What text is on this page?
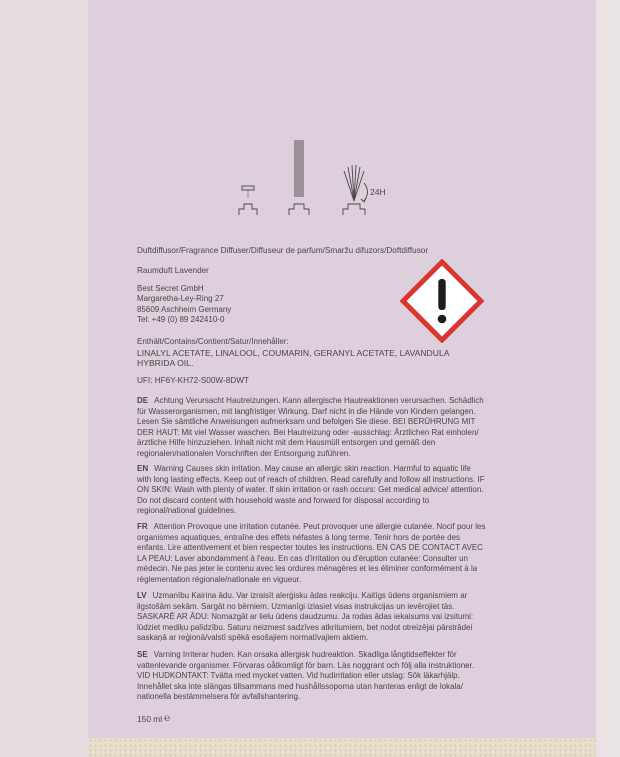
24H

Duftdiffusor/Fragrance Diffuser/Diffuseur de parfum/Smaržu difuzors/Doftdiffusor

Raumduft Lavender

Best Secret GmbH
Margaretha-Ley-Ring 27
85609 Aschheim Germany
Tel: +49 (0) 89 242410-0
Enthält/Contains/Contient/Satur/Innehåller:
LINALYL ACETATE, LINALOOL, COUMARIN, GERANYL ACETATE, LAVANDULA HYBRIDA OIL.

UFI: HF6Y-KH72-S00W-8DWT

DE Achtung Verursacht Hautreizungen. Kann allergische Hautreaktionen verursachen. Schädlich für Wasserorganismen, mit langfristiger Wirkung. Darf nicht in die Hände von Kindern gelangen. Lesen Sie sämtliche Anweisungen aufmerksam und befolgen Sie diese. BEI BERÜHRUNG MIT DER HAUT: Mit viel Wasser waschen. Bei Hautreizung oder -ausschlag: Ärztlichen Rat einholen/ärztliche Hilfe hinzuziehen. Inhalt nicht mit dem Hausmüll entsorgen und gemäß den regionalen/nationalen Vorschriften der Entsorgung zuführen.

EN Warning Causes skin irritation. May cause an allergic skin reaction. Harmful to aquatic life with long lasting effects. Keep out of reach of children. Read carefully and follow all instructions. IF ON SKIN: Wash with plenty of water. If skin irritation or rash occurs: Get medical advice/ attention. Do not discard content with household waste and forward for disposal according to regional/national guidelines.

FR Attention Provoque une irritation cutanée. Peut provoquer une allergie cutanée. Nocif pour les organismes aquatiques, entraîne des effets néfastes à long terme. Tenir hors de portée des enfants. Lire attentivement et bien respecter toutes les instructions. EN CAS DE CONTACT AVEC LA PEAU: Laver abondamment à l'eau. En cas d'irritation ou d'éruption cutanée: Consulter un médecin. Ne pas jeter le contenu avec les ordures ménagères et les éliminer conformément à la règlementation régionale/nationale en vigueur.

LV Uzmanību Kairina ādu. Var izraisīt alerģisku ādas reakciju. Kaitīgs ūdens organismiem ar ilgstošām sekām. Sargāt no bērniem. Uzmanīgi izlasiet visas instrukcijas un ievērojiet tās. SASKARĒ AR ĀDU: Nomazgāt ar lielu ūdens daudzumu. Ja rodas ādas iekaisums vai izsitumi: lūdziet mediķu palīdzību. Saturu neizmest sadzīves atkritumiem, bet nodot otreizējai pārstrādei saskaņā ar reģionā/valstī spēkā esošajiem normatīvajiem aktiem.

SE Varning Irriterar huden. Kan orsaka allergisk hudreaktion. Skadliga långtidseffekter för vattenlevande organismer. Förvaras oåtkomligt för barn. Läs noggrant och följ alla instruktioner. VID HUDKONTAKT: Tvätta med mycket vatten. Vid hudirritation eller utslag: Sök läkarhjälp. Innehållet ska inte slängas tillsammans med hushållssoporna utan hanteras enligt de lokala/ nationella bestämmelsera för avfallshantering.

150 ml ℮
